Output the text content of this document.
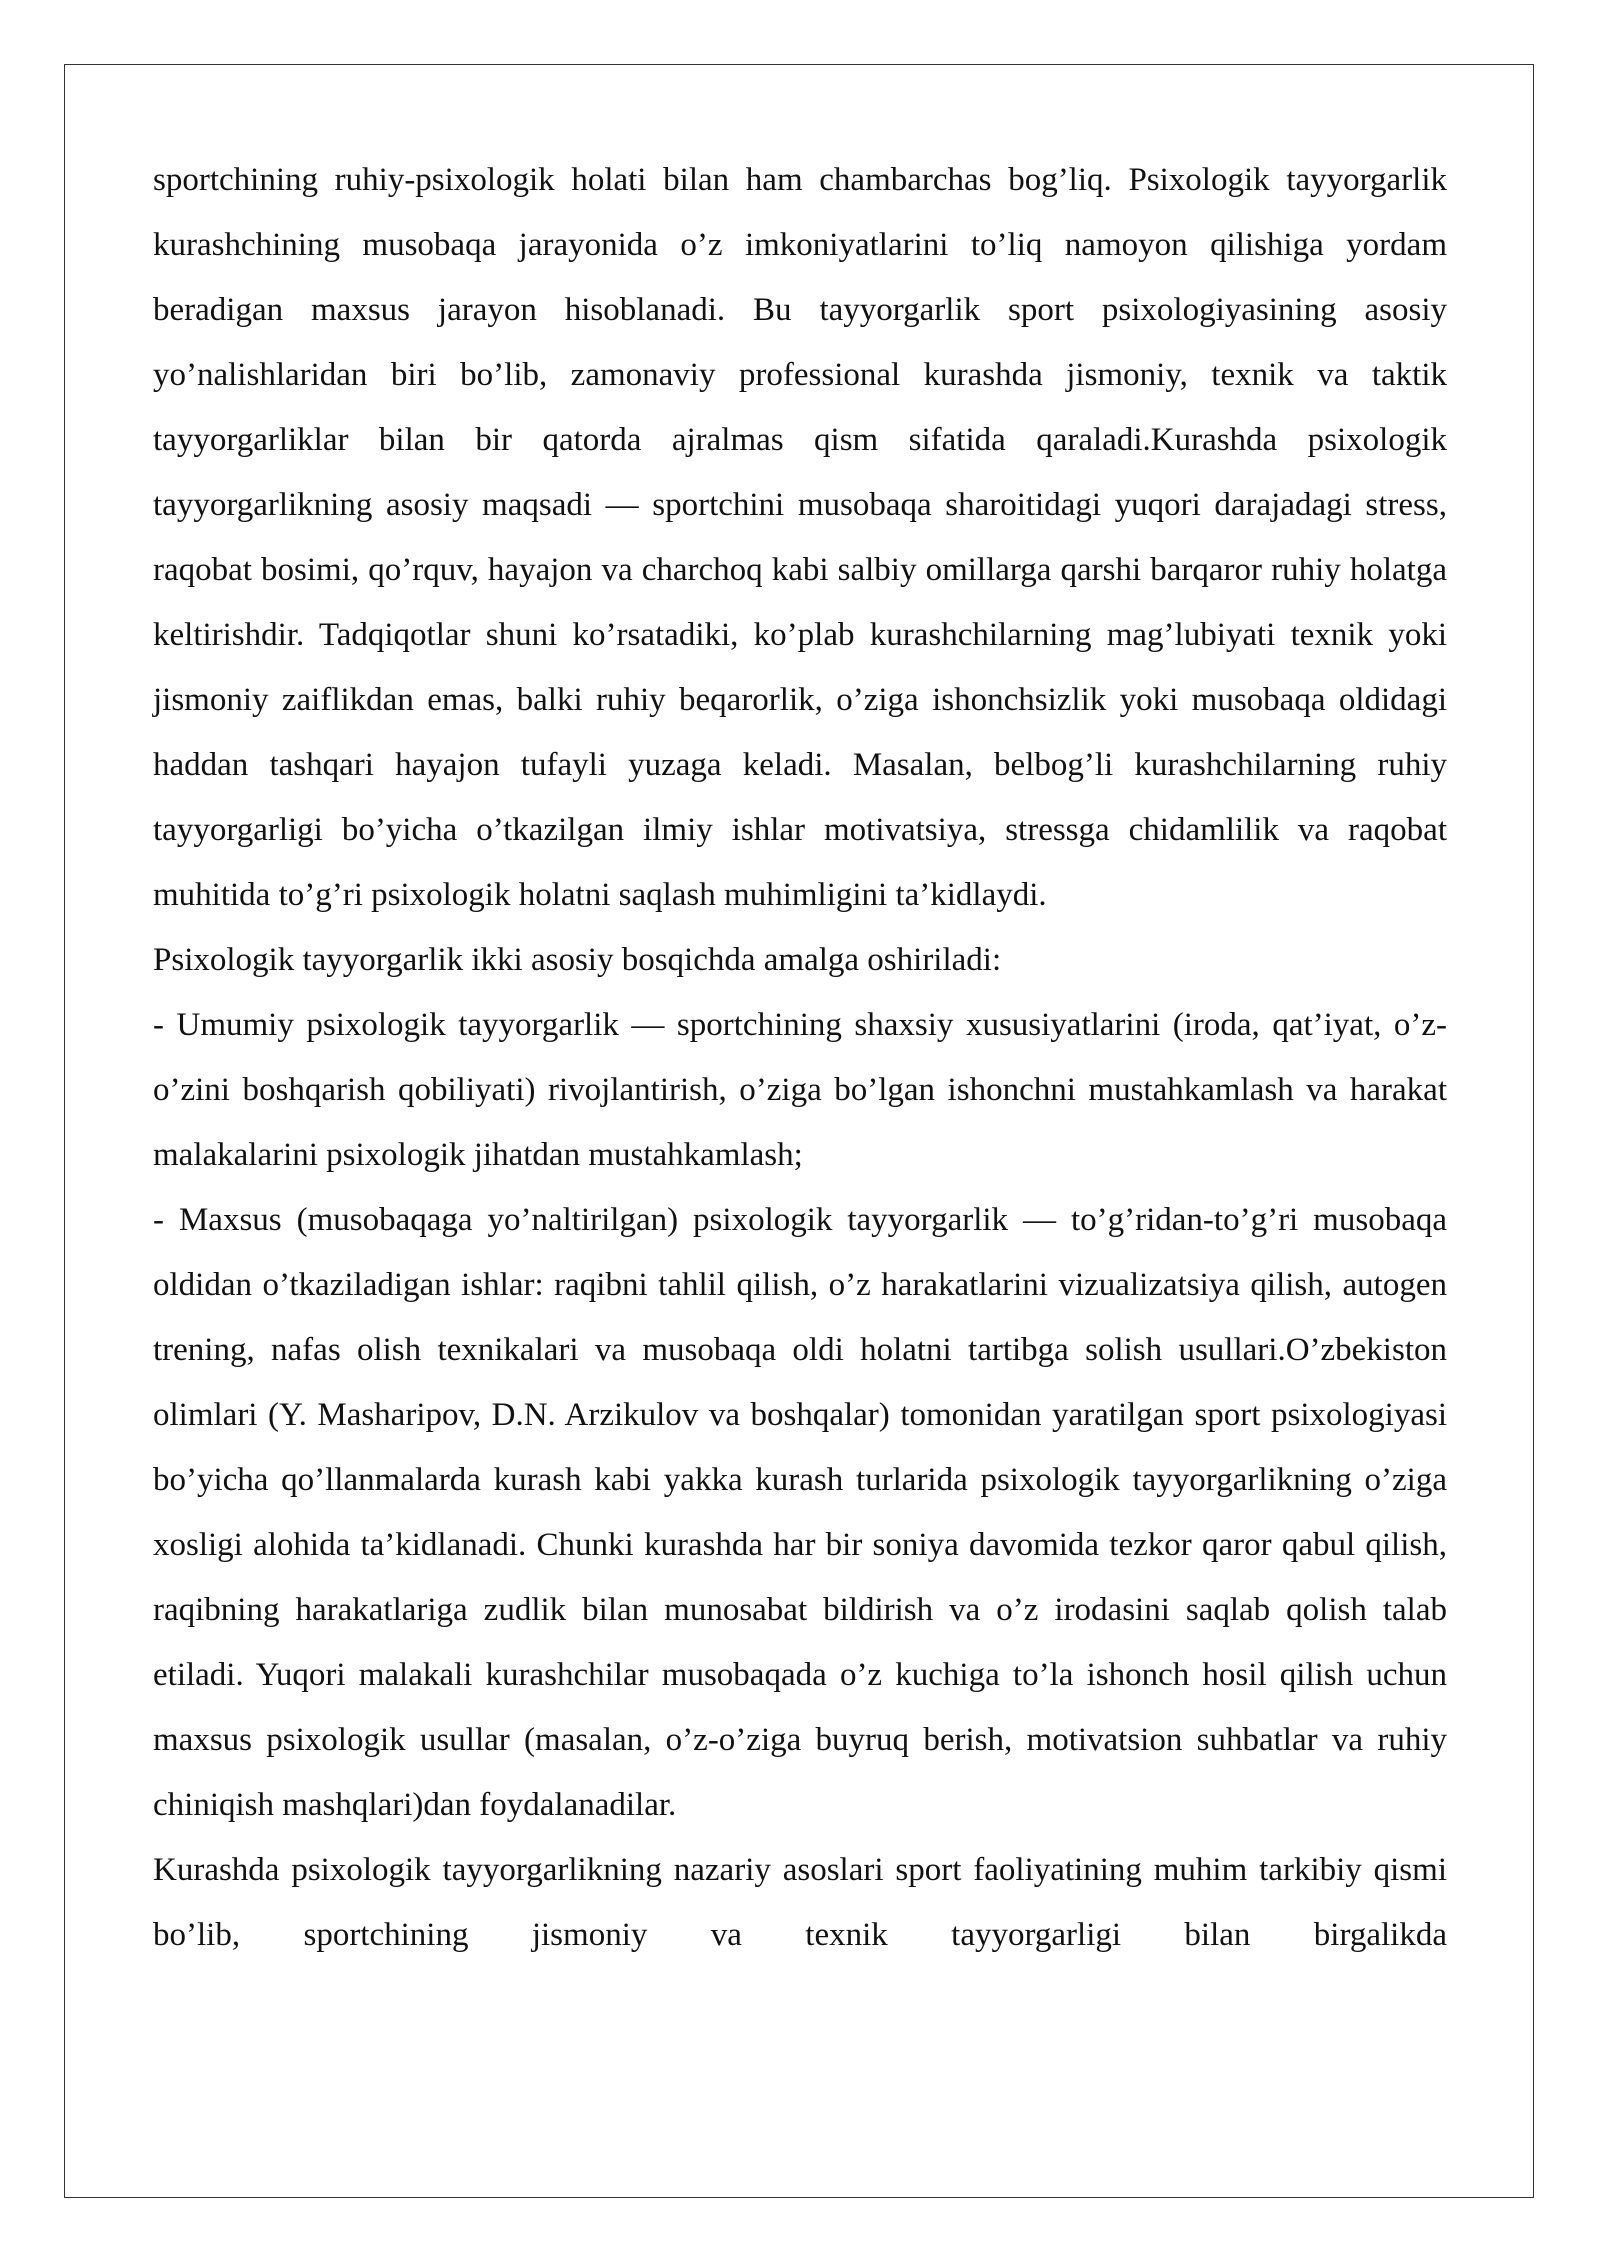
sportchining ruhiy-psixologik holati bilan ham chambarchas bog’liq. Psixologik tayyorgarlik kurashchining musobaqa jarayonida o’z imkoniyatlarini to’liq namoyon qilishiga yordam beradigan maxsus jarayon hisoblanadi. Bu tayyorgarlik sport psixologiyasining asosiy yo’nalishlaridan biri bo’lib, zamonaviy professional kurashda jismoniy, texnik va taktik tayyorgarliklar bilan bir qatorda ajralmas qism sifatida qaraladi.Kurashda psixologik tayyorgarlikning asosiy maqsadi — sportchini musobaqa sharoitidagi yuqori darajadagi stress, raqobat bosimi, qo’rquv, hayajon va charchoq kabi salbiy omillarga qarshi barqaror ruhiy holatga keltirishdir. Tadqiqotlar shuni ko’rsatadiki, ko’plab kurashchilarning mag’lubiyati texnik yoki jismoniy zaiflikdan emas, balki ruhiy beqarorlik, o’ziga ishonchsizlik yoki musobaqa oldidagi haddan tashqari hayajon tufayli yuzaga keladi. Masalan, belbog’li kurashchilarning ruhiy tayyorgarligi bo’yicha o’tkazilgan ilmiy ishlar motivatsiya, stressga chidamlilik va raqobat muhitida to’g’ri psixologik holatni saqlash muhimligini ta’kidlaydi.

Psixologik tayyorgarlik ikki asosiy bosqichda amalga oshiriladi:

- Umumiy psixologik tayyorgarlik — sportchining shaxsiy xususiyatlarini (iroda, qat’iyat, o’z-o’zini boshqarish qobiliyati) rivojlantirish, o’ziga bo’lgan ishonchni mustahkamlash va harakat malakalarini psixologik jihatdan mustahkamlash;

- Maxsus (musobaqaga yo’naltirilgan) psixologik tayyorgarlik — to’g’ridan-to’g’ri musobaqa oldidan o’tkaziladigan ishlar: raqibni tahlil qilish, o’z harakatlarini vizualizatsiya qilish, autogen trening, nafas olish texnikalari va musobaqa oldi holatni tartibga solish usullari.O’zbekiston olimlari (Y. Masharipov, D.N. Arzikulov va boshqalar) tomonidan yaratilgan sport psixologiyasi bo’yicha qo’llanmalarda kurash kabi yakka kurash turlarida psixologik tayyorgarlikning o’ziga xosligi alohida ta’kidlanadi. Chunki kurashda har bir soniya davomida tezkor qaror qabul qilish, raqibning harakatlariga zudlik bilan munosabat bildirish va o’z irodasini saqlab qolish talab etiladi. Yuqori malakali kurashchilar musobaqada o’z kuchiga to’la ishonch hosil qilish uchun maxsus psixologik usullar (masalan, o’z-o’ziga buyruq berish, motivatsion suhbatlar va ruhiy chiniqish mashqlari)dan foydalanadilar.

Kurashda psixologik tayyorgarlikning nazariy asoslari sport faoliyatining muhim tarkibiy qismi bo’lib, sportchining jismoniy va texnik tayyorgarligi bilan birgalikda
